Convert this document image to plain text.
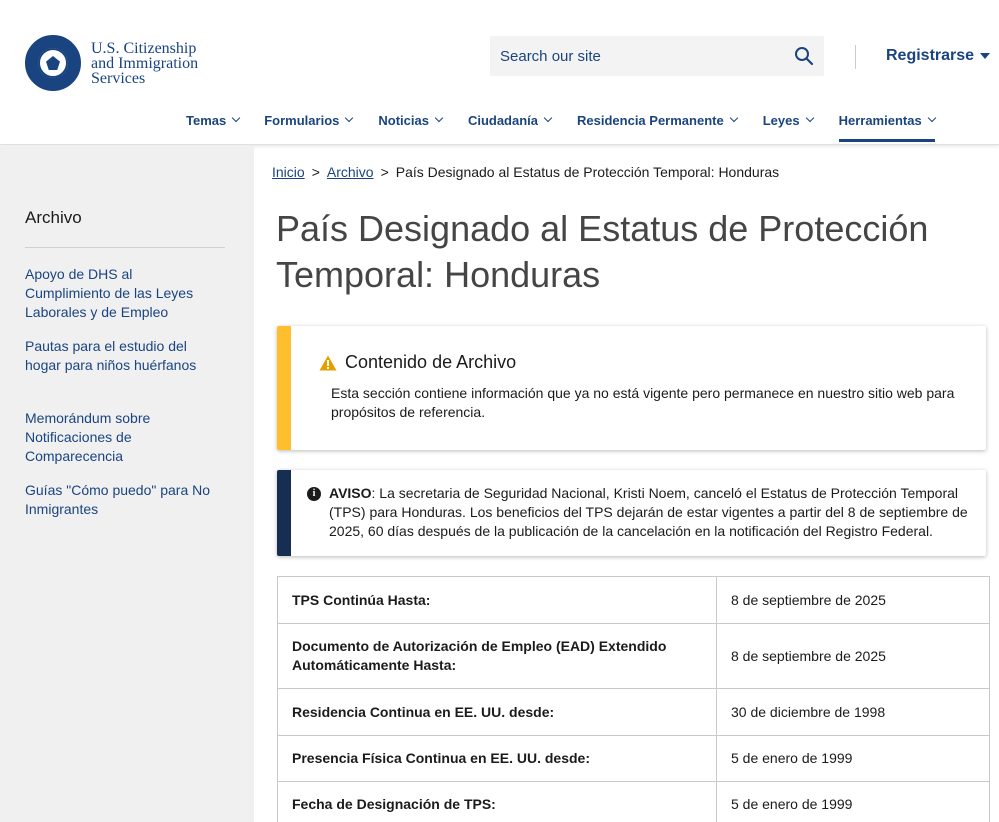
U.S. Citizenship
and Immigration
Services
Search our site
Registrarse
Temas	Formularios	Noticias	Ciudadanía	Residencia Permanente	Leyes	Herramientas
Archivo
Apoyo de DHS al Cumplimiento de las Leyes Laborales y de Empleo
Pautas para el estudio del hogar para niños huérfanos
Memorándum sobre Notificaciones de Comparecencia
Guías "Cómo puedo" para No Inmigrantes
Inicio > Archivo > País Designado al Estatus de Protección Temporal: Honduras
País Designado al Estatus de Protección Temporal: Honduras
Contenido de Archivo
Esta sección contiene información que ya no está vigente pero permanece en nuestro sitio web para propósitos de referencia.
i AVISO: La secretaria de Seguridad Nacional, Kristi Noem, canceló el Estatus de Protección Temporal (TPS) para Honduras. Los beneficios del TPS dejarán de estar vigentes a partir del 8 de septiembre de 2025, 60 días después de la publicación de la cancelación en la notificación del Registro Federal.
TPS Continúa Hasta:	8 de septiembre de 2025
Documento de Autorización de Empleo (EAD) Extendido Automáticamente Hasta:	8 de septiembre de 2025
Residencia Continua en EE. UU. desde:	30 de diciembre de 1998
Presencia Física Continua en EE. UU. desde:	5 de enero de 1999
Fecha de Designación de TPS:	5 de enero de 1999
